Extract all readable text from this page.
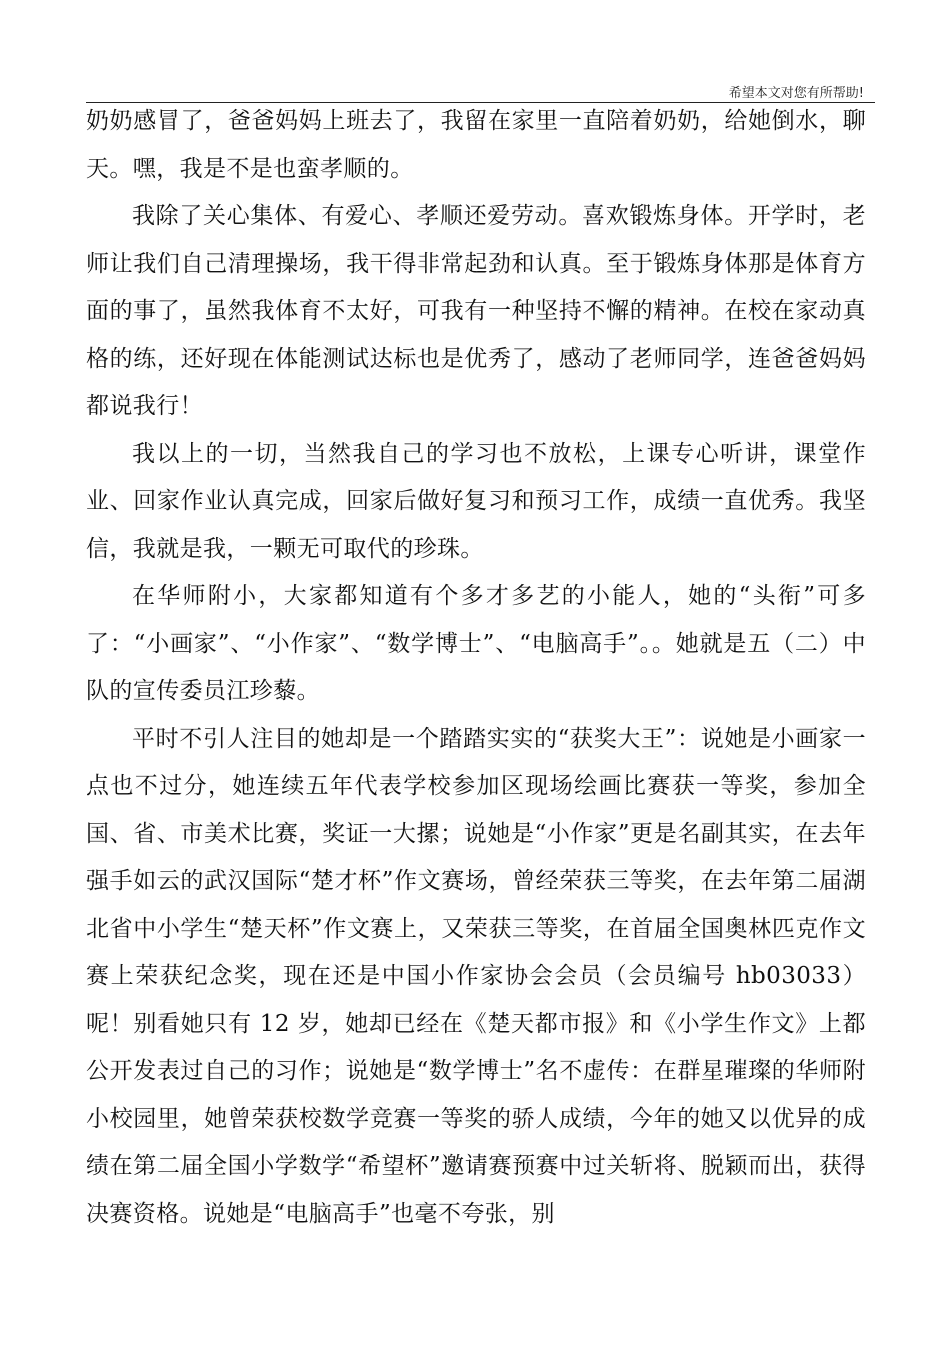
希望本文对您有所帮助!

奶奶感冒了，爸爸妈妈上班去了，我留在家里一直陪着奶奶，给她倒水，聊天。嘿，我是不是也蛮孝顺的。

我除了关心集体、有爱心、孝顺还爱劳动。喜欢锻炼身体。开学时，老师让我们自己清理操场，我干得非常起劲和认真。至于锻炼身体那是体育方面的事了，虽然我体育不太好，可我有一种坚持不懈的精神。在校在家动真格的练，还好现在体能测试达标也是优秀了，感动了老师同学，连爸爸妈妈都说我行！

我以上的一切，当然我自己的学习也不放松，上课专心听讲，课堂作业、回家作业认真完成，回家后做好复习和预习工作，成绩一直优秀。我坚信，我就是我，一颗无可取代的珍珠。

在华师附小，大家都知道有个多才多艺的小能人，她的“头衔”可多了：“小画家”、“小作家”、“数学博士”、“电脑高手”。。她就是五（二）中队的宣传委员江珍藜。

平时不引人注目的她却是一个踏踏实实的“获奖大王”：说她是小画家一点也不过分，她连续五年代表学校参加区现场绘画比赛获一等奖，参加全国、省、市美术比赛，奖证一大摞；说她是“小作家”更是名副其实，在去年强手如云的武汉国际“楚才杯”作文赛场，曾经荣获三等奖，在去年第二届湖北省中小学生“楚天杯”作文赛上，又荣获三等奖，在首届全国奥林匹克作文赛上荣获纪念奖，现在还是中国小作家协会会员（会员编号 hb03033）呢！别看她只有 12 岁，她却已经在《楚天都市报》和《小学生作文》上都公开发表过自己的习作；说她是“数学博士”名不虚传：在群星璀璨的华师附小校园里，她曾荣获校数学竞赛一等奖的骄人成绩，今年的她又以优异的成绩在第二届全国小学数学“希望杯”邀请赛预赛中过关斩将、脱颖而出，获得决赛资格。说她是“电脑高手”也毫不夸张，别
